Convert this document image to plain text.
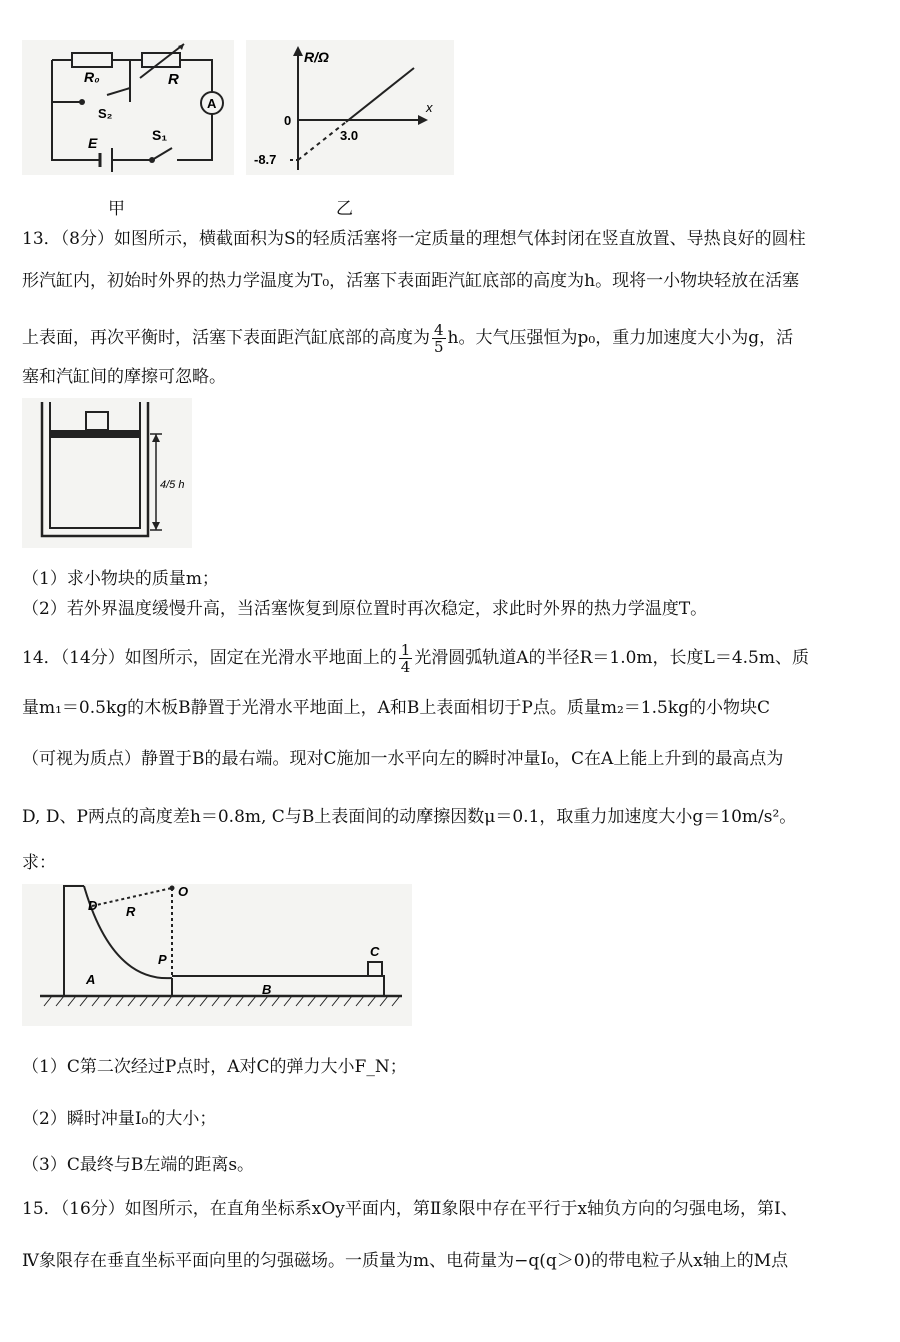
R₀	R
A
S₂
E	S₁
R/Ω
x
0
3.0
-8.7
甲	乙
13．（8分）如图所示，横截面积为S的轻质活塞将一定质量的理想气体封闭在竖直放置、导热良好的圆柱
形汽缸内，初始时外界的热力学温度为T₀，活塞下表面距汽缸底部的高度为h。现将一小物块轻放在活塞
上表面，再次平衡时，活塞下表面距汽缸底部的高度为 $\frac{4}{5}$ h。大气压强恒为p₀，重力加速度大小为g，活
塞和汽缸间的摩擦可忽略。
4/5 h
（1）求小物块的质量m；
（2）若外界温度缓慢升高，当活塞恢复到原位置时再次稳定，求此时外界的热力学温度T。
14．（14分）如图所示，固定在光滑水平地面上的 $\frac{1}{4}$ 光滑圆弧轨道A的半径R＝1.0m，长度L＝4.5m、质
量m₁＝0.5kg的木板B静置于光滑水平地面上，A和B上表面相切于P点。质量m₂＝1.5kg的小物块C
（可视为质点）静置于B的最右端。现对C施加一水平向左的瞬时冲量I₀，C在A上能上升到的最高点为
D, D、P两点的高度差h＝0.8m, C与B上表面间的动摩擦因数μ＝0.1，取重力加速度大小g＝10m/s²。
求：
O
D R
P
A
B
C
（1）C第二次经过P点时，A对C的弹力大小F_N；
（2）瞬时冲量I₀的大小；
（3）C最终与B左端的距离s。
15．（16分）如图所示，在直角坐标系xOy平面内，第Ⅱ象限中存在平行于x轴负方向的匀强电场，第Ⅰ、
Ⅳ象限存在垂直坐标平面向里的匀强磁场。一质量为m、电荷量为−q(q＞0)的带电粒子从x轴上的M点
